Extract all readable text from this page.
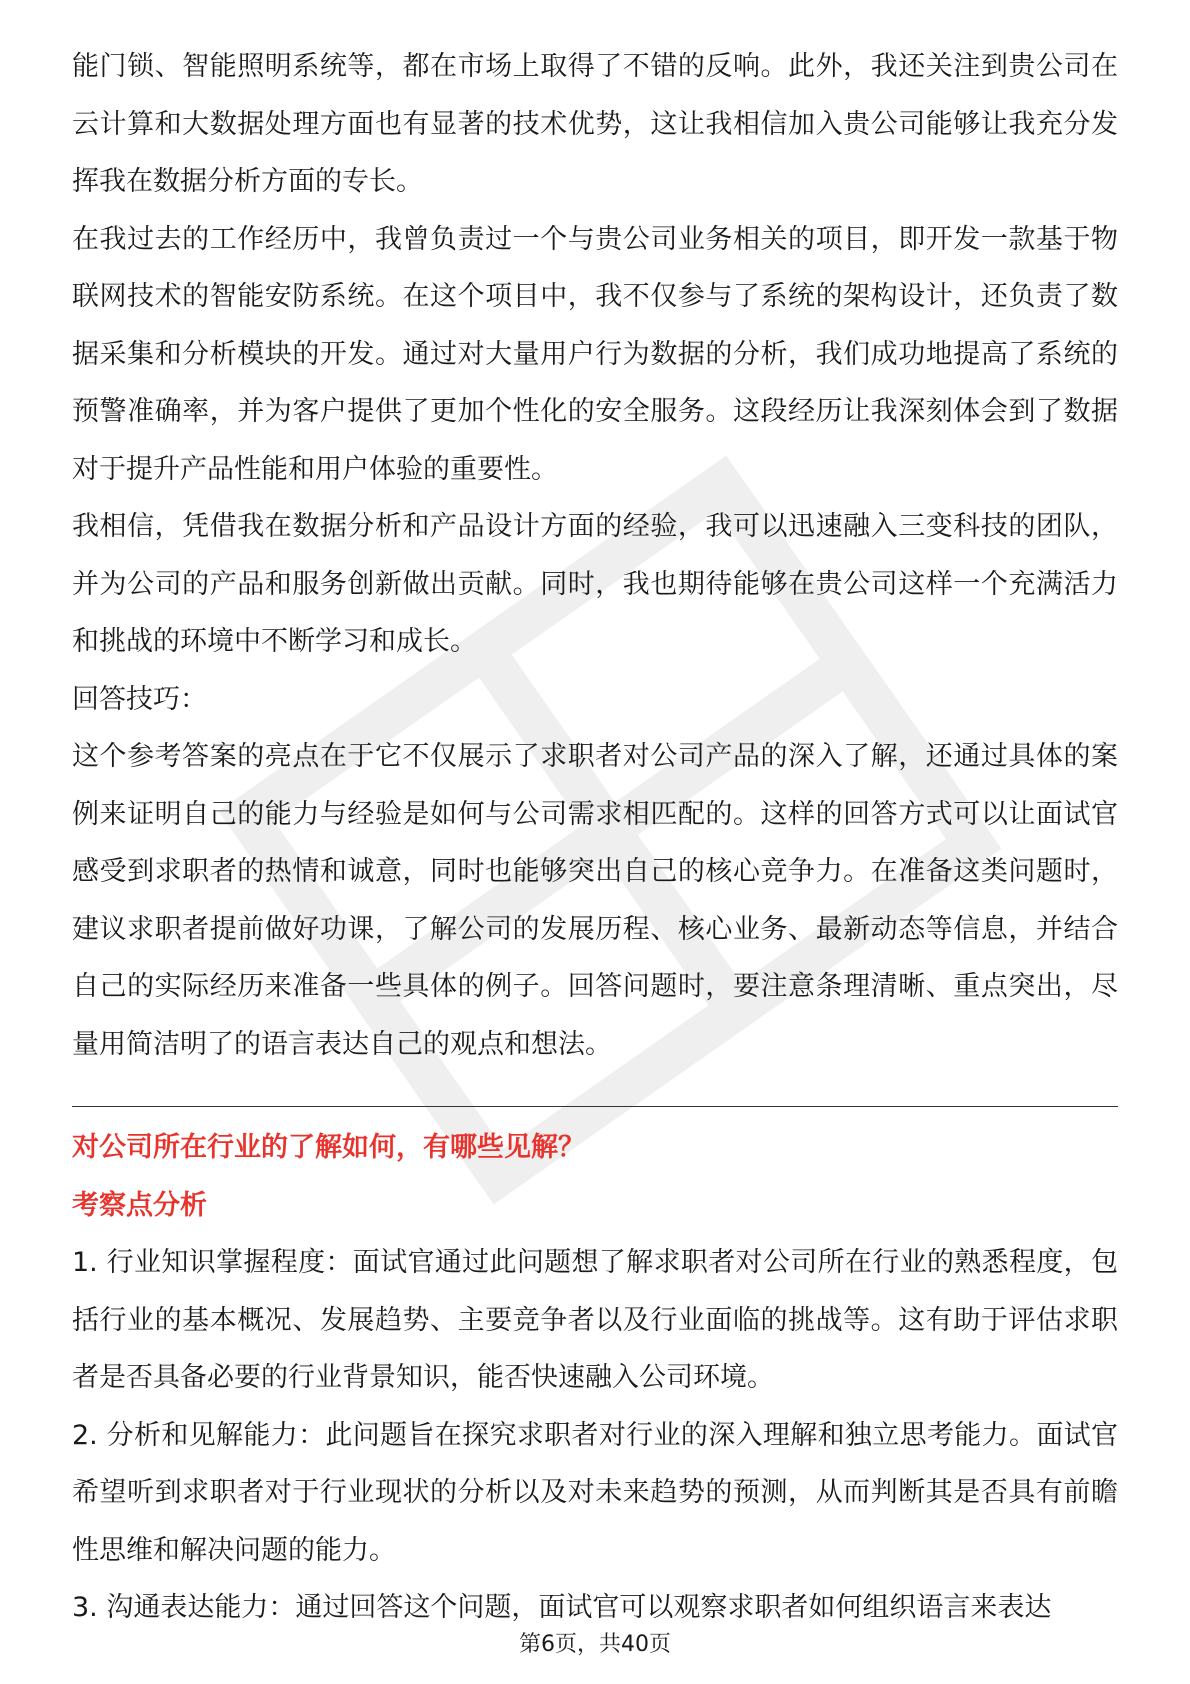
能门锁、智能照明系统等，都在市场上取得了不错的反响。此外，我还关注到贵公司在云计算和大数据处理方面也有显著的技术优势，这让我相信加入贵公司能够让我充分发挥我在数据分析方面的专长。

在我过去的工作经历中，我曾负责过一个与贵公司业务相关的项目，即开发一款基于物联网技术的智能安防系统。在这个项目中，我不仅参与了系统的架构设计，还负责了数据采集和分析模块的开发。通过对大量用户行为数据的分析，我们成功地提高了系统的预警准确率，并为客户提供了更加个性化的安全服务。这段经历让我深刻体会到了数据对于提升产品性能和用户体验的重要性。

我相信，凭借我在数据分析和产品设计方面的经验，我可以迅速融入三变科技的团队，并为公司的产品和服务创新做出贡献。同时，我也期待能够在贵公司这样一个充满活力和挑战的环境中不断学习和成长。

回答技巧：

这个参考答案的亮点在于它不仅展示了求职者对公司产品的深入了解，还通过具体的案例来证明自己的能力与经验是如何与公司需求相匹配的。这样的回答方式可以让面试官感受到求职者的热情和诚意，同时也能够突出自己的核心竞争力。在准备这类问题时，建议求职者提前做好功课，了解公司的发展历程、核心业务、最新动态等信息，并结合自己的实际经历来准备一些具体的例子。回答问题时，要注意条理清晰、重点突出，尽量用简洁明了的语言表达自己的观点和想法。

对公司所在行业的了解如何，有哪些见解？

考察点分析

1. 行业知识掌握程度：面试官通过此问题想了解求职者对公司所在行业的熟悉程度，包括行业的基本概况、发展趋势、主要竞争者以及行业面临的挑战等。这有助于评估求职者是否具备必要的行业背景知识，能否快速融入公司环境。

2. 分析和见解能力：此问题旨在探究求职者对行业的深入理解和独立思考能力。面试官希望听到求职者对于行业现状的分析以及对未来趋势的预测，从而判断其是否具有前瞻性思维和解决问题的能力。

3. 沟通表达能力：通过回答这个问题，面试官可以观察求职者如何组织语言来表达

第6页，共40页
